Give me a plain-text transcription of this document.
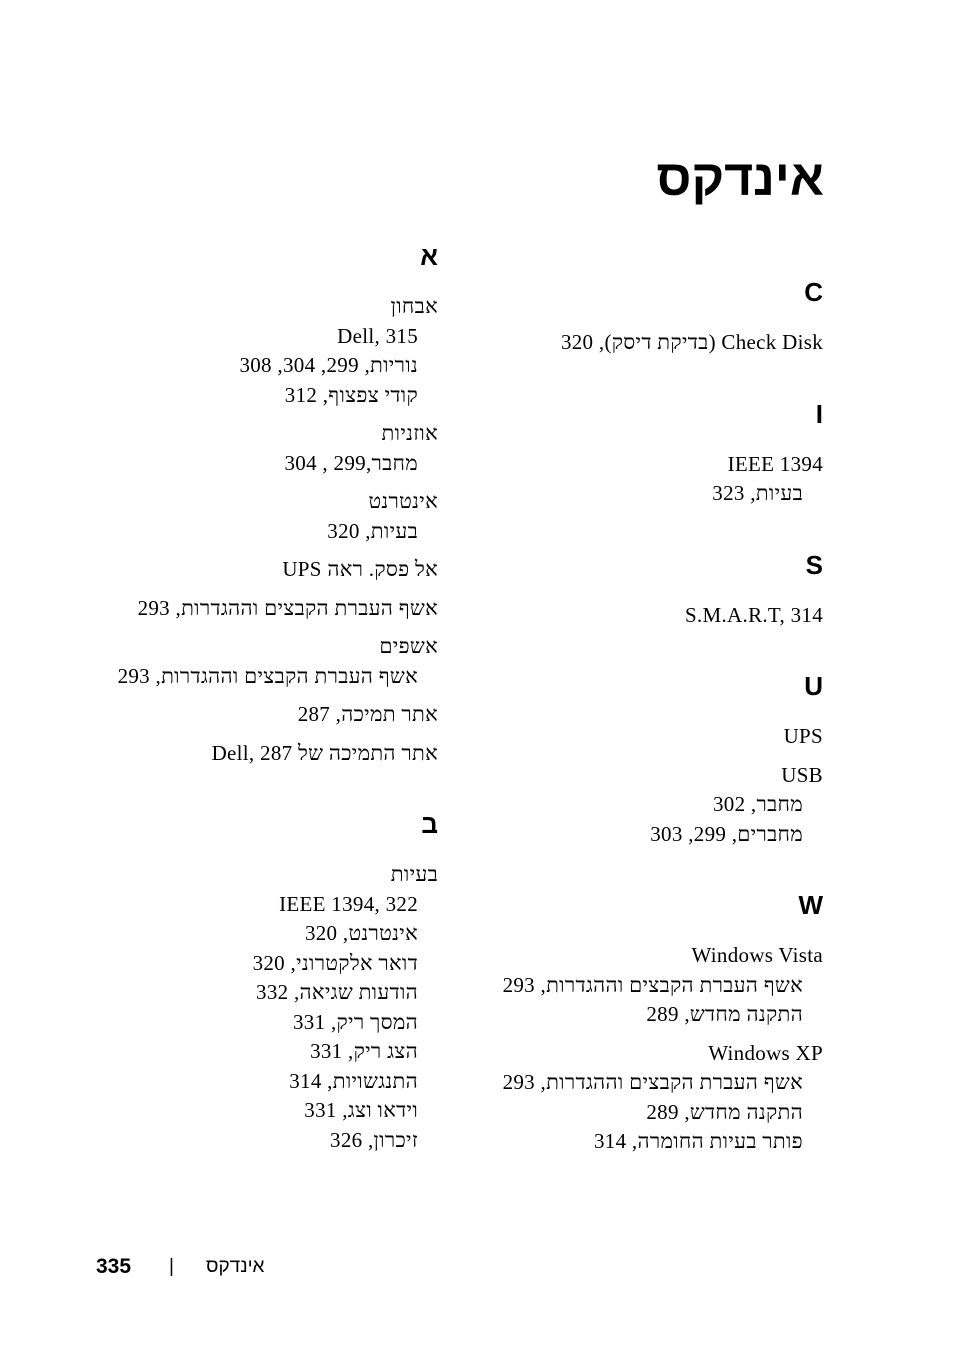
אינדקס
א
אבחון
Dell, 315
נוריות, 299, 304, 308
קודי צפצוף, 312
אוזניות
מחבר,299 , 304
אינטרנט
בעיות, 320
אל פסק. ראה UPS
אשף העברת הקבצים וההגדרות, 293
אשפים
אשף העברת הקבצים וההגדרות, 293
אתר תמיכה, 287
אתר התמיכה של Dell, 287
ב
בעיות
IEEE 1394, 322
אינטרנט, 320
דואר אלקטרוני, 320
הודעות שגיאה, 332
המסך ריק, 331
הצג ריק, 331
התנגשויות, 314
וידאו וצג, 331
זיכרון, 326
C
Check Disk (בדיקת דיסק), 320
I
IEEE 1394
בעיות, 323
S
S.M.A.R.T, 314
U
UPS
USB
מחבר, 302
מחברים, 299, 303
W
Windows Vista
אשף העברת הקבצים וההגדרות, 293
התקנה מחדש, 289
Windows XP
אשף העברת הקבצים וההגדרות, 293
התקנה מחדש, 289
פותר בעיות החומרה, 314
335 | אינדקס
